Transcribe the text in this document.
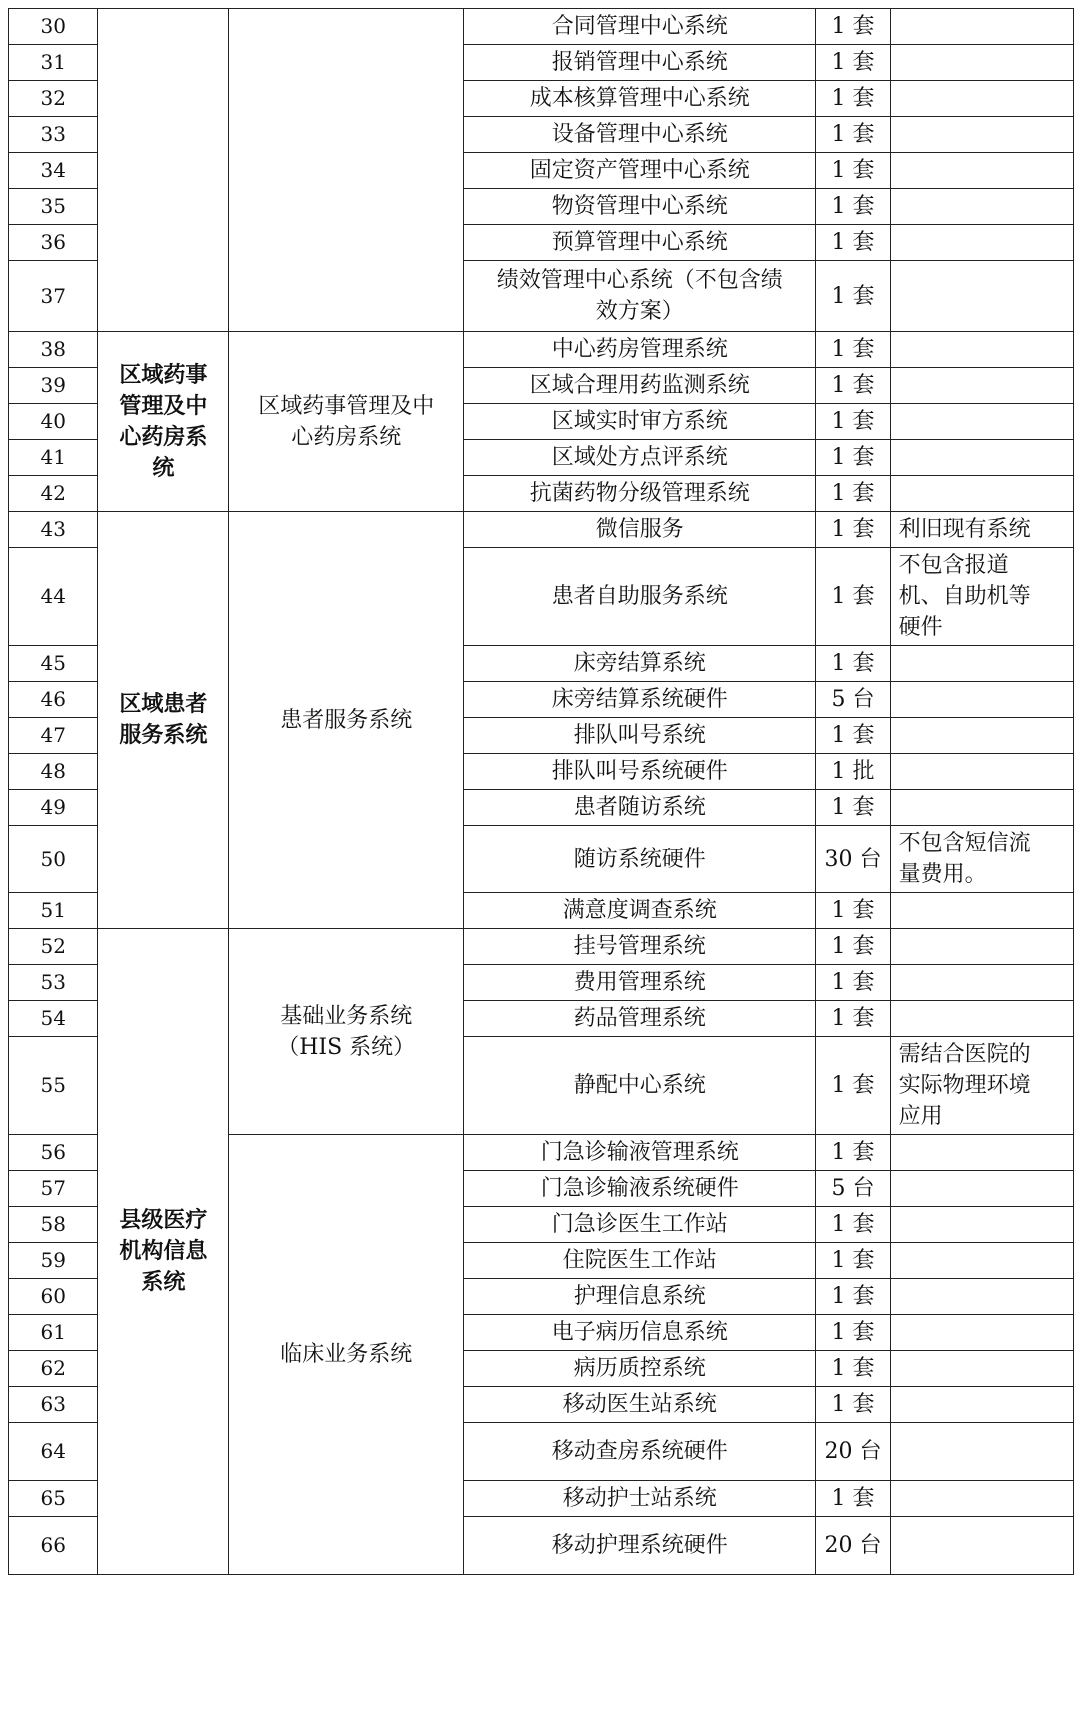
30			合同管理中心系统	1 套	

31			报销管理中心系统	1 套	

32			成本核算管理中心系统	1 套	

33			设备管理中心系统	1 套	

34			固定资产管理中心系统	1 套	

35			物资管理中心系统	1 套	

36			预算管理中心系统	1 套	

37			绩效管理中心系统（不包含绩效方案）	1 套	

38	区域药事管理及中心药房系统	区域药事管理及中心药房系统	中心药房管理系统	1 套	

39			区域合理用药监测系统	1 套	

40			区域实时审方系统	1 套	

41			区域处方点评系统	1 套	

42			抗菌药物分级管理系统	1 套	

43	区域患者服务系统	患者服务系统	微信服务	1 套	利旧现有系统

44			患者自助服务系统	1 套	不包含报道机、自助机等硬件

45			床旁结算系统	1 套	

46			床旁结算系统硬件	5 台	

47			排队叫号系统	1 套	

48			排队叫号系统硬件	1 批	

49			患者随访系统	1 套	

50			随访系统硬件	30 台	不包含短信流量费用。

51			满意度调查系统	1 套	

52	县级医疗机构信息系统	基础业务系统（HIS 系统）	挂号管理系统	1 套	

53			费用管理系统	1 套	

54			药品管理系统	1 套	

55			静配中心系统	1 套	需结合医院的实际物理环境应用

56		临床业务系统	门急诊输液管理系统	1 套	

57			门急诊输液系统硬件	5 台	

58			门急诊医生工作站	1 套	

59			住院医生工作站	1 套	

60			护理信息系统	1 套	

61			电子病历信息系统	1 套	

62			病历质控系统	1 套	

63			移动医生站系统	1 套	

64			移动查房系统硬件	20 台	

65			移动护士站系统	1 套	

66			移动护理系统硬件	20 台	
